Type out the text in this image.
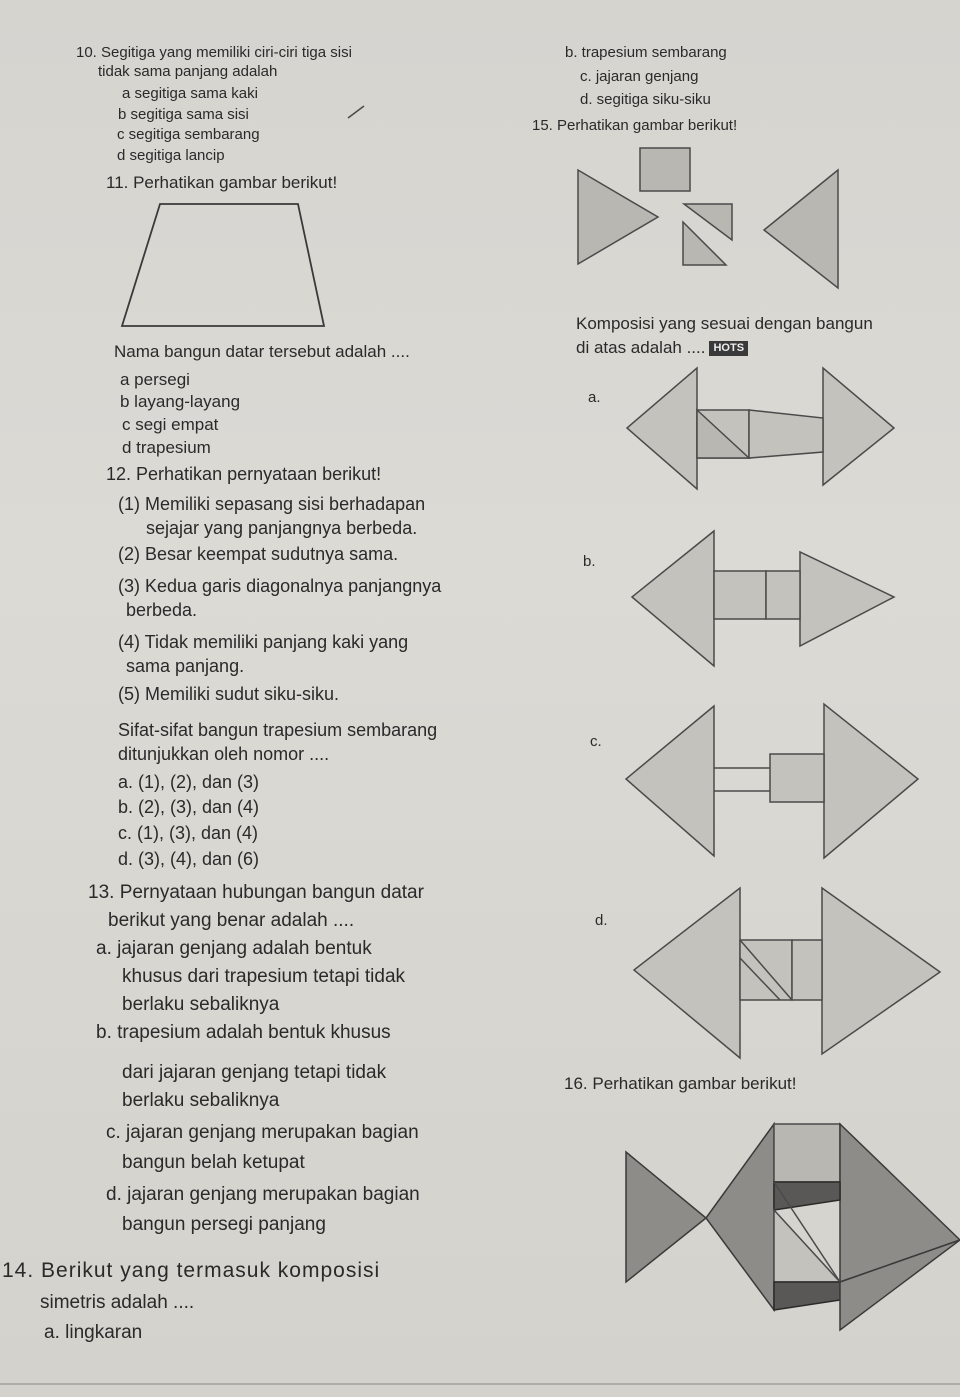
10. Segitiga yang memiliki ciri-ciri tiga sisi
tidak sama panjang adalah
a segitiga sama kaki
b segitiga sama sisi
c segitiga sembarang
d segitiga lancip
11. Perhatikan gambar berikut!
Nama bangun datar tersebut adalah ....
a persegi
b layang-layang
c segi empat
d trapesium
12. Perhatikan pernyataan berikut!
(1) Memiliki sepasang sisi berhadapan
sejajar yang panjangnya berbeda.
(2) Besar keempat sudutnya sama.
(3) Kedua garis diagonalnya panjangnya
berbeda.
(4) Tidak memiliki panjang kaki yang
sama panjang.
(5) Memiliki sudut siku-siku.
Sifat-sifat bangun trapesium sembarang
ditunjukkan oleh nomor ....
a. (1), (2), dan (3)
b. (2), (3), dan (4)
c. (1), (3), dan (4)
d. (3), (4), dan (6)
13. Pernyataan hubungan bangun datar
berikut yang benar adalah ....
a. jajaran genjang adalah bentuk
khusus dari trapesium tetapi tidak
berlaku sebaliknya
b. trapesium adalah bentuk khusus
dari jajaran genjang tetapi tidak
berlaku sebaliknya
c. jajaran genjang merupakan bagian
bangun belah ketupat
d. jajaran genjang merupakan bagian
bangun persegi panjang
14. Berikut yang termasuk komposisi
simetris adalah ....
a. lingkaran
b. trapesium sembarang
c. jajaran genjang
d. segitiga siku-siku
15. Perhatikan gambar berikut!
Komposisi yang sesuai dengan bangun
di atas adalah .... HOTS
a.
b.
c.
d.
16. Perhatikan gambar berikut!
